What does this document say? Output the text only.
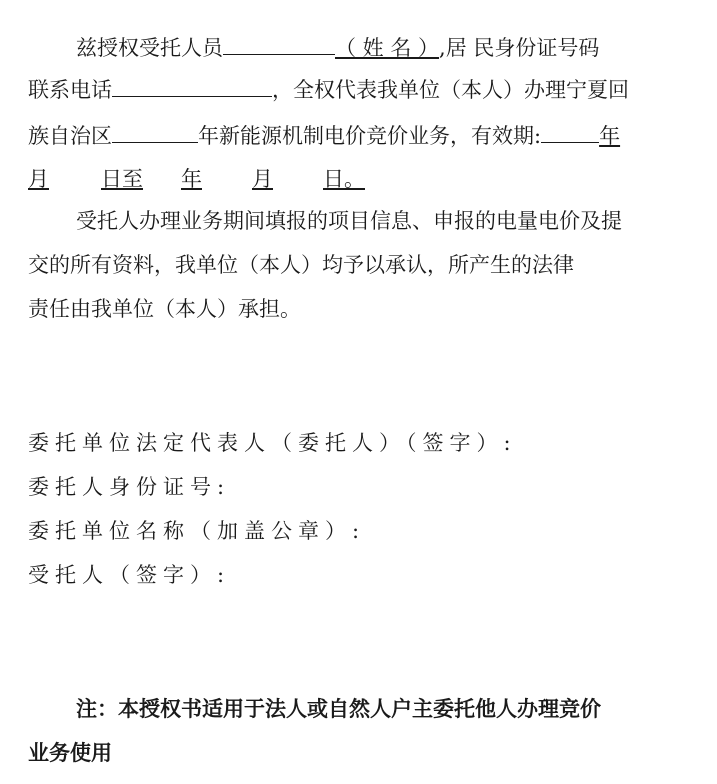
兹授权受托人员	（ 姓 名 ）,居 民身份证号码
联系电话	，全权代表我单位（本人）办理宁夏回
族自治区	年新能源机制电价竞价业务，有效期:	年
月 日至 年 月 日。
受托人办理业务期间填报的项目信息、申报的电量电价及提
交的所有资料，我单位（本人）均予以承认，所产生的法律
责任由我单位（本人）承担。
委托单位法定代表人（委托人）（签字）:
委托人身份证号:
委托单位名称（加盖公章）:
受托人（签字）:
注：本授权书适用于法人或自然人户主委托他人办理竞价
业务使用
